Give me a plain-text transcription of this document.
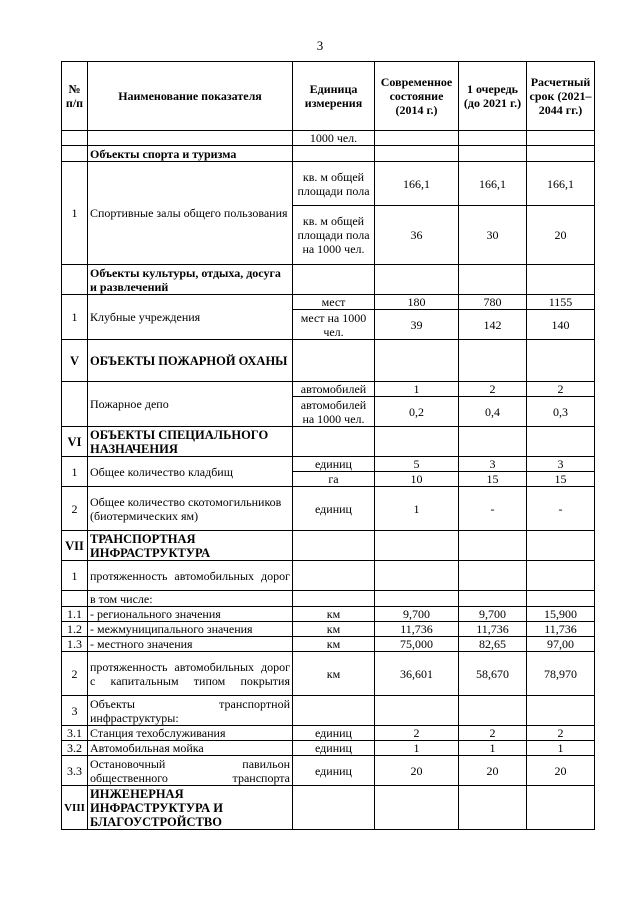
3
№ п/п	Наименование показателя	Единица измерения	Современное состояние (2014 г.)	1 очередь (до 2021 г.)	Расчетный срок (2021–2044 гг.)
		1000 чел.			
	Объекты спорта и туризма				
1	Спортивные залы общего пользования	кв. м общей площади пола	166,1	166,1	166,1
		кв. м общей площади пола на 1000 чел.	36	30	20
	Объекты культуры, отдыха, досуга и развлечений				
1	Клубные учреждения	мест	180	780	1155
		мест на 1000 чел.	39	142	140
V	ОБЪЕКТЫ ПОЖАРНОЙ ОХАНЫ				
	Пожарное депо	автомобилей	1	2	2
		автомобилей на 1000 чел.	0,2	0,4	0,3
VI	ОБЪЕКТЫ СПЕЦИАЛЬНОГО НАЗНАЧЕНИЯ				
1	Общее количество кладбищ	единиц	5	3	3
		га	10	15	15
2	Общее количество скотомогильников (биотермических ям)	единиц	1	-	-
VII	ТРАНСПОРТНАЯ ИНФРАСТРУКТУРА				
1	протяженность автомобильных дорог				
	в том числе:				
1.1	- регионального значения	км	9,700	9,700	15,900
1.2	- межмуниципального значения	км	11,736	11,736	11,736
1.3	- местного значения	км	75,000	82,65	97,00
2	протяженность автомобильных дорог с капитальным типом покрытия	км	36,601	58,670	78,970
3	Объекты транспортной инфраструктуры:				
3.1	Станция техобслуживания	единиц	2	2	2
3.2	Автомобильная мойка	единиц	1	1	1
3.3	Остановочный павильон общественного транспорта	единиц	20	20	20
VIII	ИНЖЕНЕРНАЯ ИНФРАСТРУКТУРА И БЛАГОУСТРОЙСТВО				
